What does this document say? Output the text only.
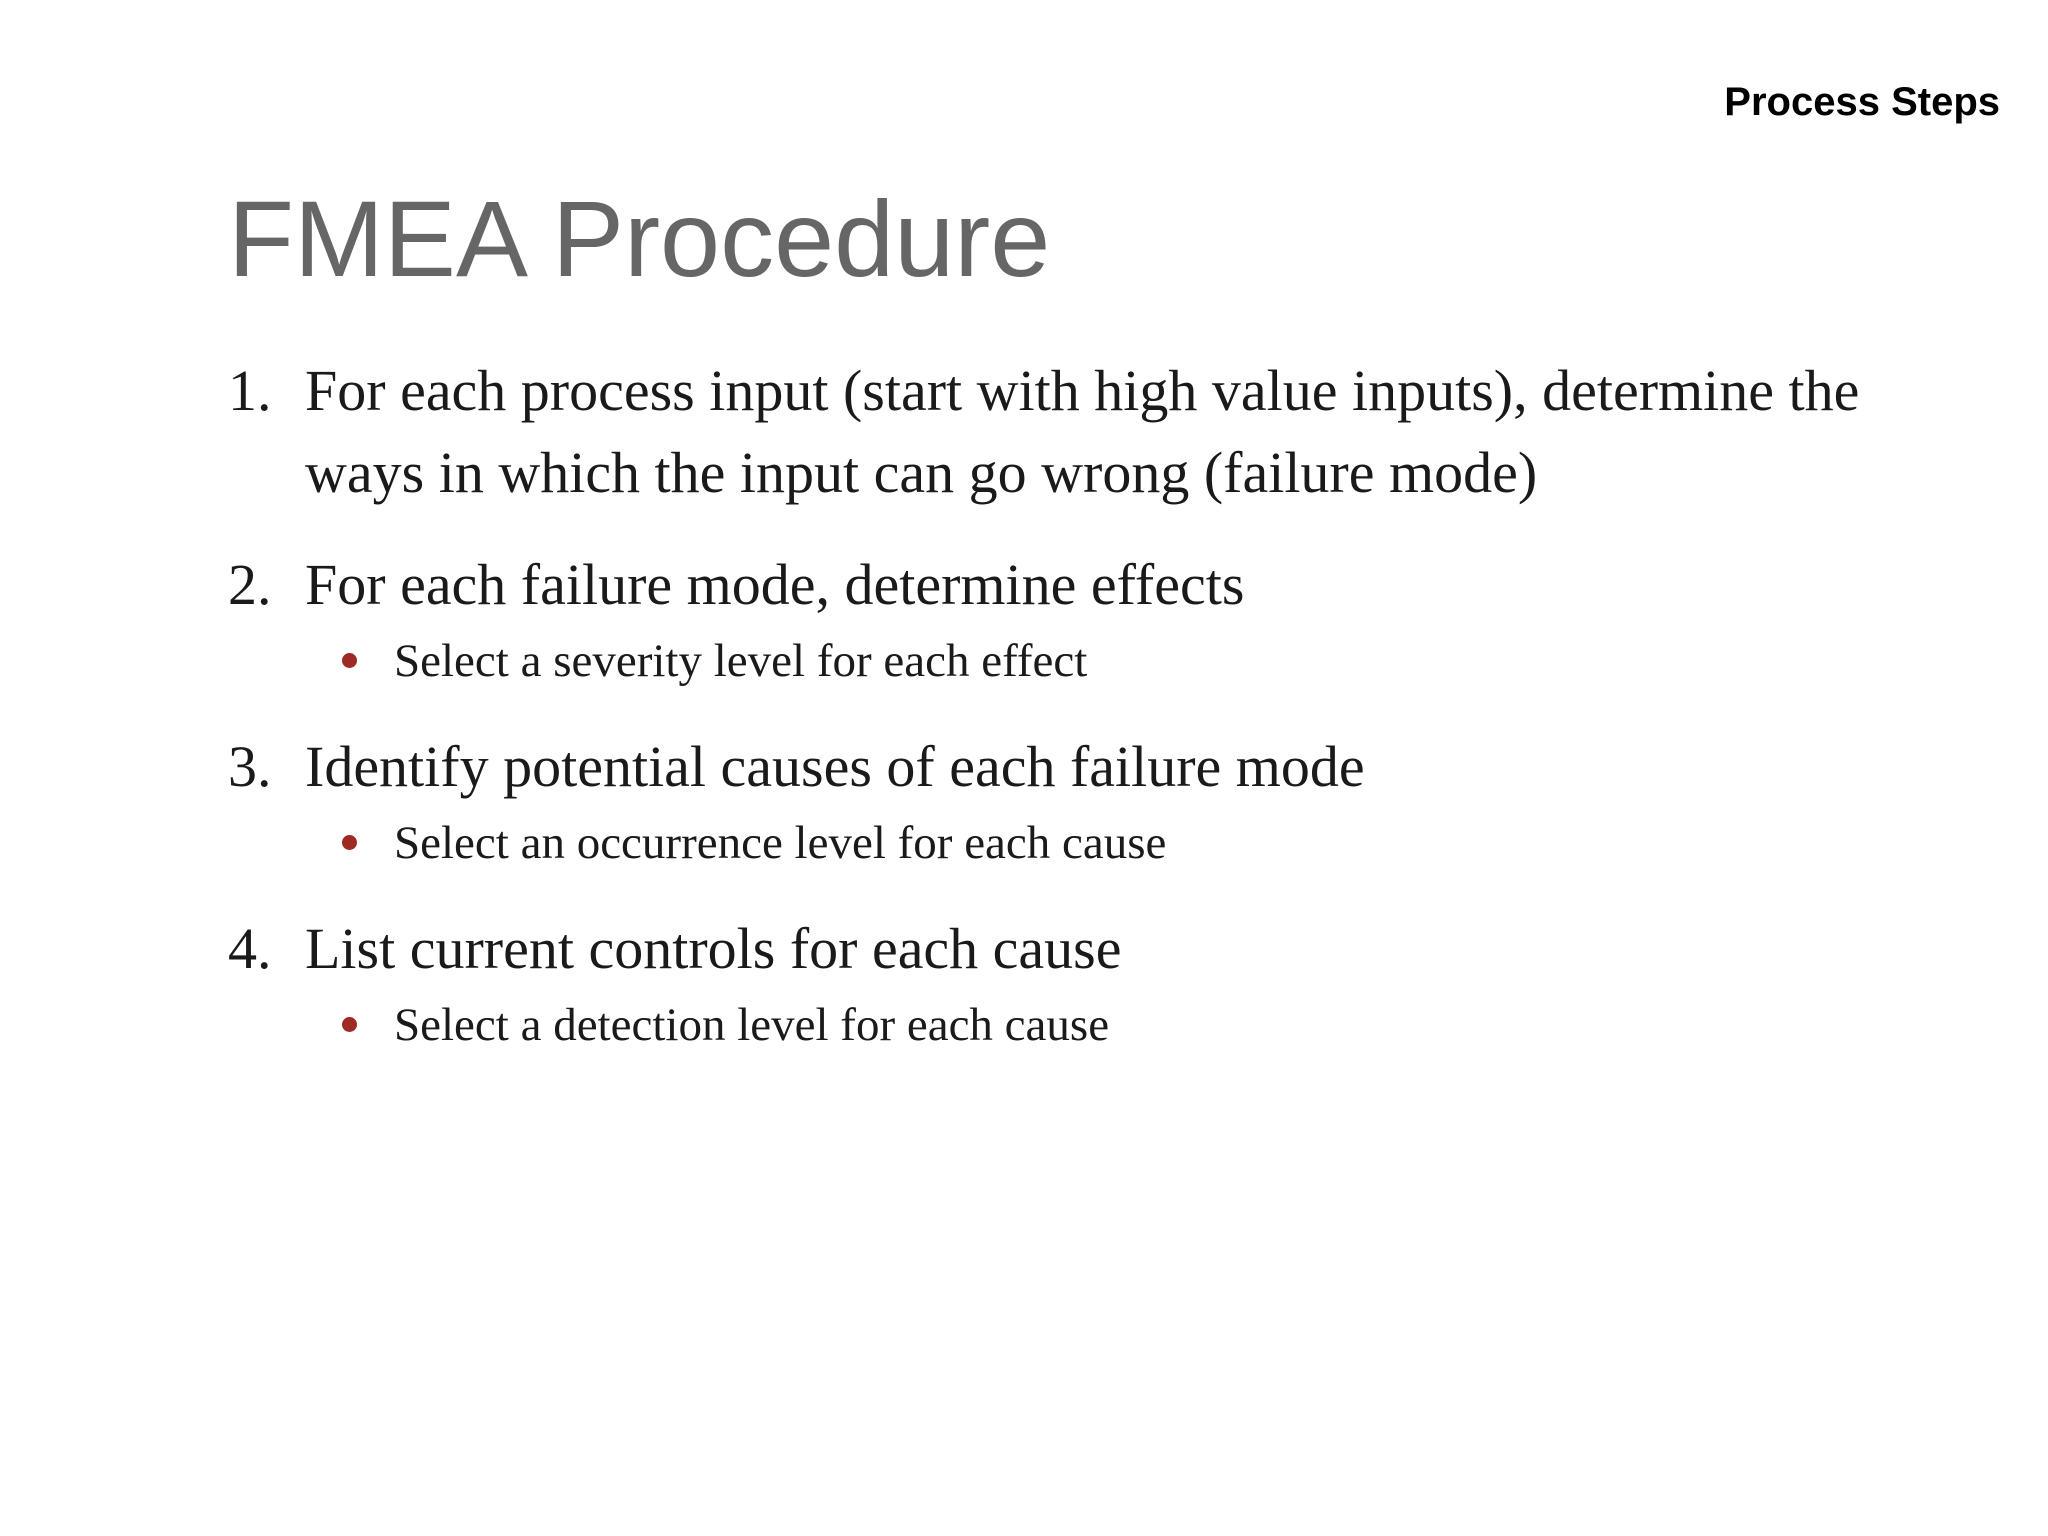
Process Steps
FMEA Procedure
1. For each process input (start with high value inputs), determine the ways in which the input can go wrong (failure mode)
2. For each failure mode, determine effects
Select a severity level for each effect
3. Identify potential causes of each failure mode
Select an occurrence level for each cause
4. List current controls for each cause
Select a detection level for each cause
